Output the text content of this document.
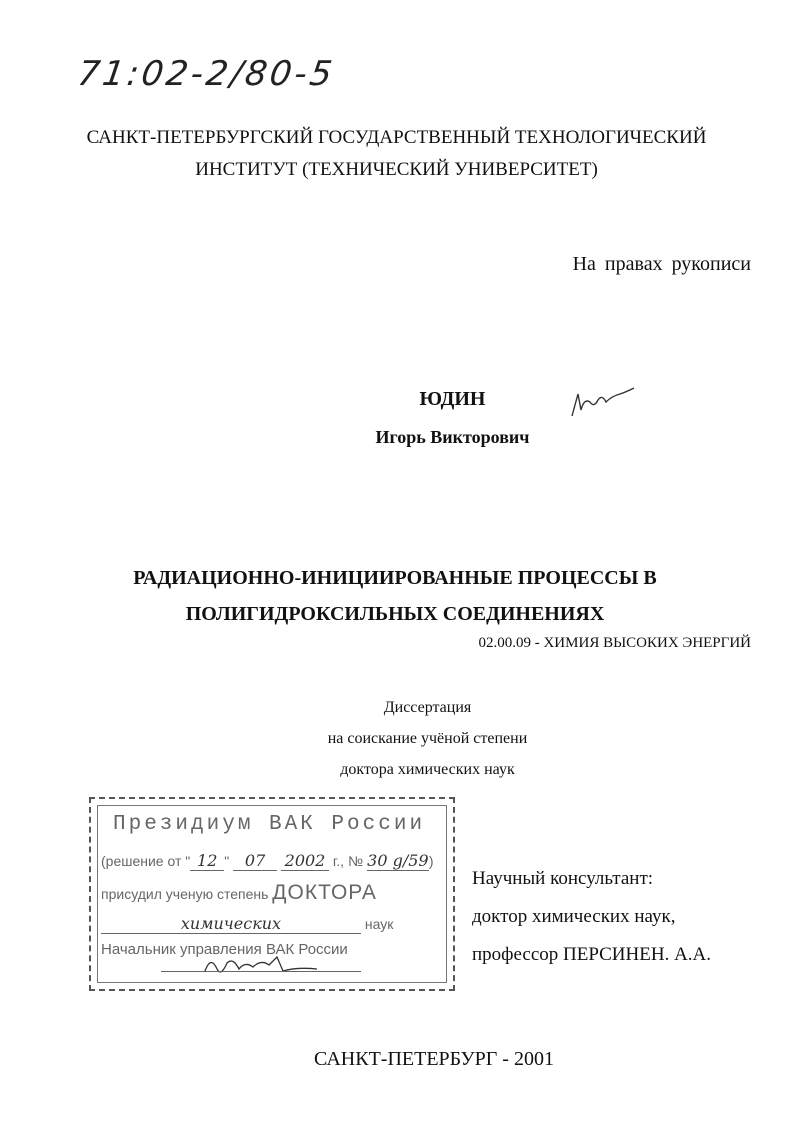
71:02-2/80-5
САНКТ-ПЕТЕРБУРГСКИЙ ГОСУДАРСТВЕННЫЙ ТЕХНОЛОГИЧЕСКИЙ
ИНСТИТУТ (ТЕХНИЧЕСКИЙ УНИВЕРСИТЕТ)
На правах рукописи
ЮДИН
Игорь Викторович
РАДИАЦИОННО-ИНИЦИИРОВАННЫЕ ПРОЦЕССЫ В
ПОЛИГИДРОКСИЛЬНЫХ СОЕДИНЕНИЯХ
02.00.09 - ХИМИЯ ВЫСОКИХ ЭНЕРГИЙ
Диссертация
на соискание учёной степени
доктора химических наук
Президиум ВАК России
(решение от " 12 " 07 2002 г., № 30 g/59)
присудил ученую степень ДОКТОРА
химических	наук
Начальник управления ВАК России
Научный консультант:
доктор химических наук,
профессор ПЕРСИНЕН. А.А.
САНКТ-ПЕТЕРБУРГ - 2001
